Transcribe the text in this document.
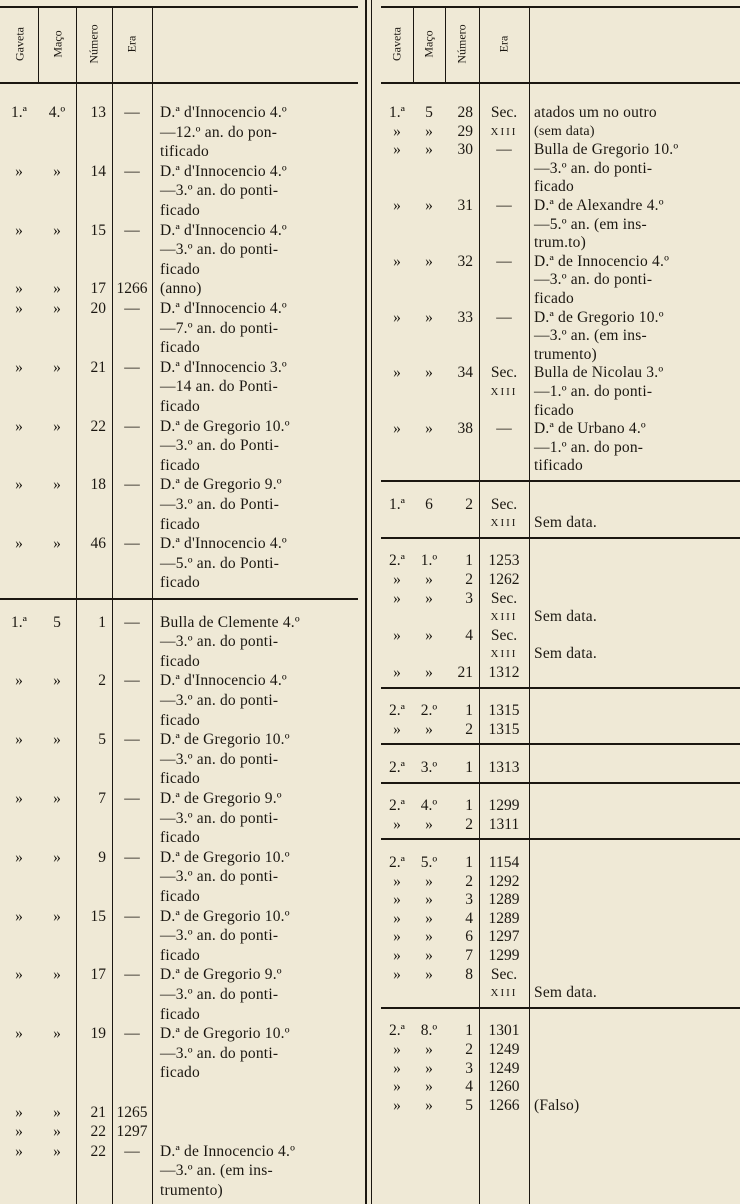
Gaveta Maço Número Era
1.ª	4.º	13	—	D.ª d'Innocencio 4.º
—12.º an. do pon-
tificado
»	»	14	—	D.ª d'Innocencio 4.º
—3.º an. do ponti-
ficado
»	»	15	—	D.ª d'Innocencio 4.º
—3.º an. do ponti-
ficado
»	»	17 1266 (anno)
»	»	20	—	D.ª d'Innocencio 4.º
—7.º an. do ponti-
ficado
»	»	21	—	D.ª d'Innocencio 3.º
—14 an. do Ponti-
ficado
»	»	22	—	D.ª de Gregorio 10.º
—3.º an. do Ponti-
ficado
»	»	18	—	D.ª de Gregorio 9.º
—3.º an. do Ponti-
ficado
»	»	46	—	D.ª d'Innocencio 4.º
—5.º an. do Ponti-
ficado
1.ª	5	1	—	Bulla de Clemente 4.º
—3.º an. do ponti-
ficado
»	»	2	—	D.ª d'Innocencio 4.º
—3.º an. do ponti-
ficado
»	»	5	—	D.ª de Gregorio 10.º
—3.º an. do ponti-
ficado
»	»	7	—	D.ª de Gregorio 9.º
—3.º an. do ponti-
ficado
»	»	9	—	D.ª de Gregorio 10.º
—3.º an. do ponti-
ficado
»	»	15	—	D.ª de Gregorio 10.º
—3.º an. do ponti-
ficado
»	»	17	—	D.ª de Gregorio 9.º
—3.º an. do ponti-
ficado
»	»	19	—	D.ª de Gregorio 10.º
—3.º an. do ponti-
ficado
»	»	21 1265
»	»	22 1297
»	»	22	—	D.ª de Innocencio 4.º
—3.º an. (em ins-
trumento)
Gaveta Maço Número Era
1.ª	5	28	Sec.	atados um no outro
»	»	29	XIII	(sem data)
»	»	30	—	Bulla de Gregorio 10.º
—3.º an. do ponti-
ficado
»	»	31	—	D.ª de Alexandre 4.º
—5.º an. (em ins-
trum.to)
»	»	32	—	D.ª de Innocencio 4.º
—3.º an. do ponti-
ficado
»	»	33	—	D.ª de Gregorio 10.º
—3.º an. (em ins-
trumento)
»	»	34	Sec.	Bulla de Nicolau 3.º
XIII	—1.º an. do ponti-
ficado
»	»	38	—	D.ª de Urbano 4.º
—1.º an. do pon-
tificado
1.ª	6	2	Sec.
XIII	Sem data.
2.ª	1.º	1	1253
»	»	2	1262
»	»	3	Sec.
XIII	Sem data.
»	»	4	Sec.
XIII	Sem data.
»	»	21	1312
2.ª	2.º	1	1315
»	»	2	1315
2.ª	3.º	1	1313
2.ª	4.º	1	1299
»	»	2	1311
2.ª	5.º	1	1154
»	»	2	1292
»	»	3	1289
»	»	4	1289
»	»	6	1297
»	»	7	1299
»	»	8	Sec.
XIII	Sem data.
2.ª	8.º	1	1301
»	»	2	1249
»	»	3	1249
»	»	4	1260
»	»	5	1266 (Falso)
